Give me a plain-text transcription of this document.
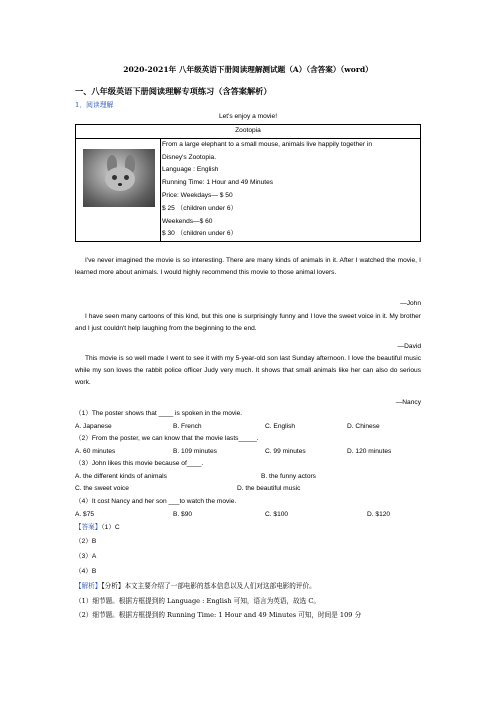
2020-2021年 八年级英语下册阅读理解测试题（A）（含答案）（word）
一、八年级英语下册阅读理解专项练习（含答案解析）
1．阅读理解
Let's enjoy a movie!
Zootopia

From a large elephant to a small mouse, animals live happily together in
Disney's Zootopia.
Language : English
Running Time: 1 Hour and 49 Minutes
Price: Weekdays— $ 50
$ 25 （children under 6）
Weekends—$ 60
$ 30 （children under 6）
I've never imagined the movie is so interesting. There are many kinds of animals in it. After I watched the movie, I learned more about animals. I would highly recommend this movie to those animal lovers.
—John
I have seen many cartoons of this kind, but this one is surprisingly funny and I love the sweet voice in it. My brother and I just couldn't help laughing from the beginning to the end.
—David
This movie is so well made I went to see it with my 5-year-old son last Sunday afternoon. I love the beautiful music while my son loves the rabbit police officer Judy very much. It shows that small animals like her can also do serious work.
—Nancy
（1）The poster shows that ____ is spoken in the movie.
A. Japanese	B. French	C. English	D. Chinese
（2）From the poster, we can know that the movie lasts_____.
A. 60 minutes	B. 109 minutes	C. 99 minutes	D. 120 minutes
（3）John likes this movie because of____.
A. the different kinds of animals	B. the funny actors
C. the sweet voice	D. the beautiful music
（4）It cost Nancy and her son ___to watch the movie.
A. $75	B. $90	C. $100	D. $120
【答案】（1）C
（2）B
（3）A
（4）B
【解析】【分析】本文主要介绍了一部电影的基本信息以及人们对这部电影的评价。
（1）细节题。根据方框提到的 Language : English 可知，语言为英语，故选 C。
（2）细节题。根据方框提到的 Running Time: 1 Hour and 49 Minutes 可知，时间是 109 分
